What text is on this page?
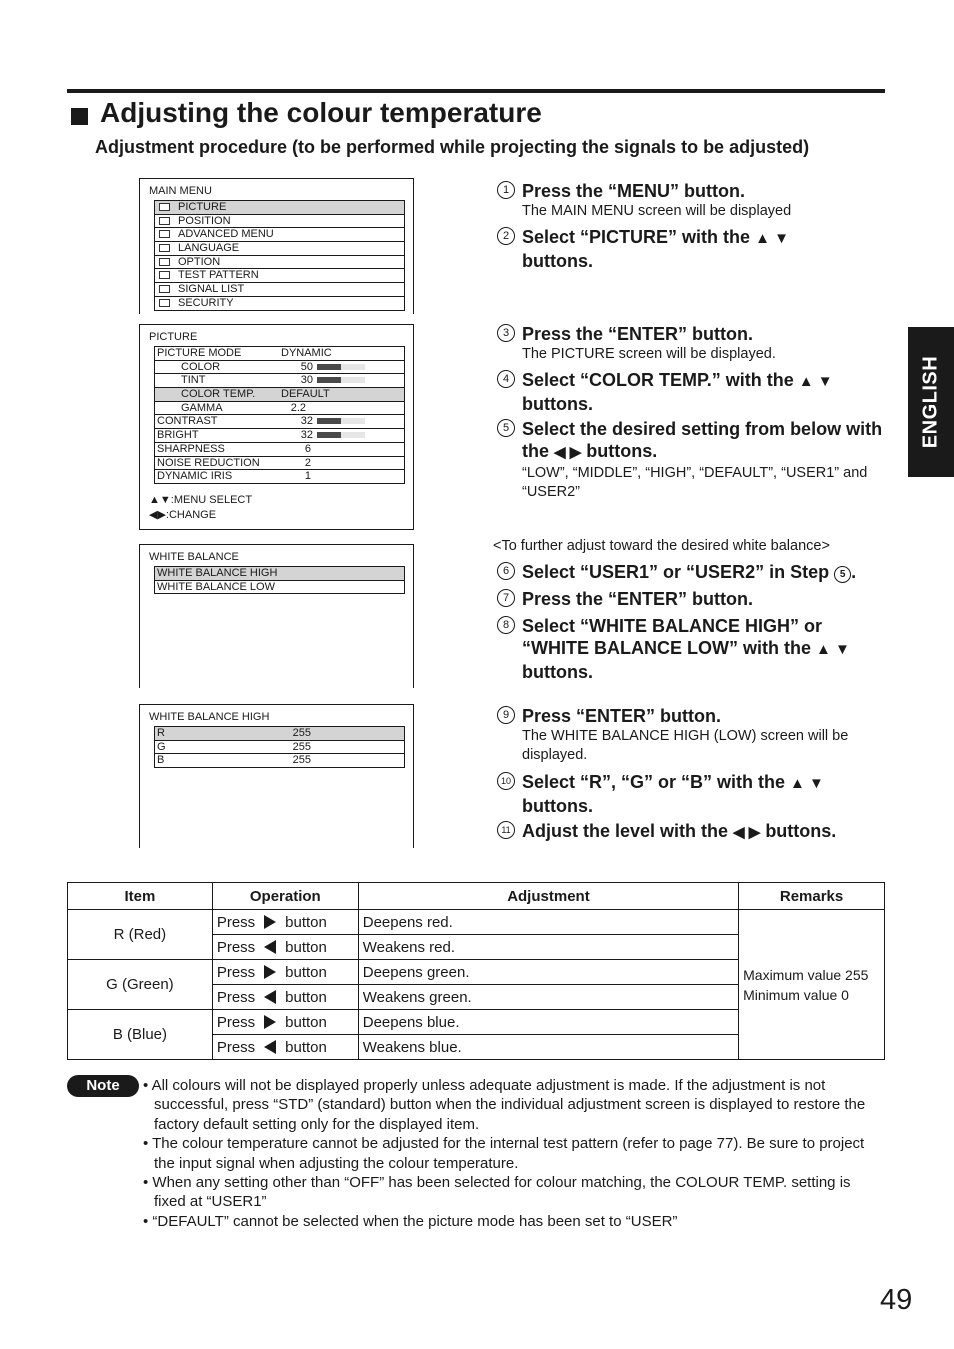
Adjusting the colour temperature
Adjustment procedure (to be performed while projecting the signals to be adjusted)
ENGLISH
MAIN MENU
PICTURE
POSITION
ADVANCED MENU
LANGUAGE
OPTION
TEST PATTERN
SIGNAL LIST
SECURITY
PICTURE
PICTURE MODE	DYNAMIC
COLOR	50
TINT	30
COLOR TEMP. DEFAULT
GAMMA	2.2
CONTRAST	32
BRIGHT	32
SHARPNESS	6
NOISE REDUCTION	2
DYNAMIC IRIS	1
▲▼:MENU SELECT
◀▶:CHANGE
WHITE BALANCE
WHITE BALANCE HIGH
WHITE BALANCE LOW
WHITE BALANCE HIGH
R	255
G	255
B	255
1 Press the “MENU” button.
The MAIN MENU screen will be displayed
2 Select “PICTURE” with the ▲ ▼
buttons.
3 Press the “ENTER” button.
The PICTURE screen will be displayed.
4 Select “COLOR TEMP.” with the ▲ ▼
buttons.
5 Select the desired setting from below with the ◀ ▶ buttons.
“LOW”, “MIDDLE”, “HIGH”, “DEFAULT”, “USER1” and “USER2”
<To further adjust toward the desired white balance>
6 Select “USER1” or “USER2” in Step 5 .
7 Press the “ENTER” button.
8 Select “WHITE BALANCE HIGH” or “WHITE BALANCE LOW” with the ▲ ▼ buttons.
9 Press “ENTER” button.
The WHITE BALANCE HIGH (LOW) screen will be displayed.
10 Select “R”, “G” or “B” with the ▲ ▼
buttons.
11 Adjust the level with the ◀ ▶ buttons.
Item	Operation	Adjustment	Remarks
R (Red)	Press button	Deepens red.	Maximum value 255
Minimum value 0
	Press button	Weakens red.	
G (Green)	Press button	Deepens green.	
	Press button	Weakens green.	
B (Blue)	Press button	Deepens blue.	
	Press button	Weakens blue.	
Note	• All colours will not be displayed properly unless adequate adjustment is made. If the adjustment is not successful, press “STD” (standard) button when the individual adjustment screen is displayed to restore the factory default setting only for the displayed item.
• The colour temperature cannot be adjusted for the internal test pattern (refer to page 77). Be sure to project the input signal when adjusting the colour temperature.
• When any setting other than “OFF” has been selected for colour matching, the COLOUR TEMP. setting is fixed at “USER1”
• “DEFAULT” cannot be selected when the picture mode has been set to “USER”
49
